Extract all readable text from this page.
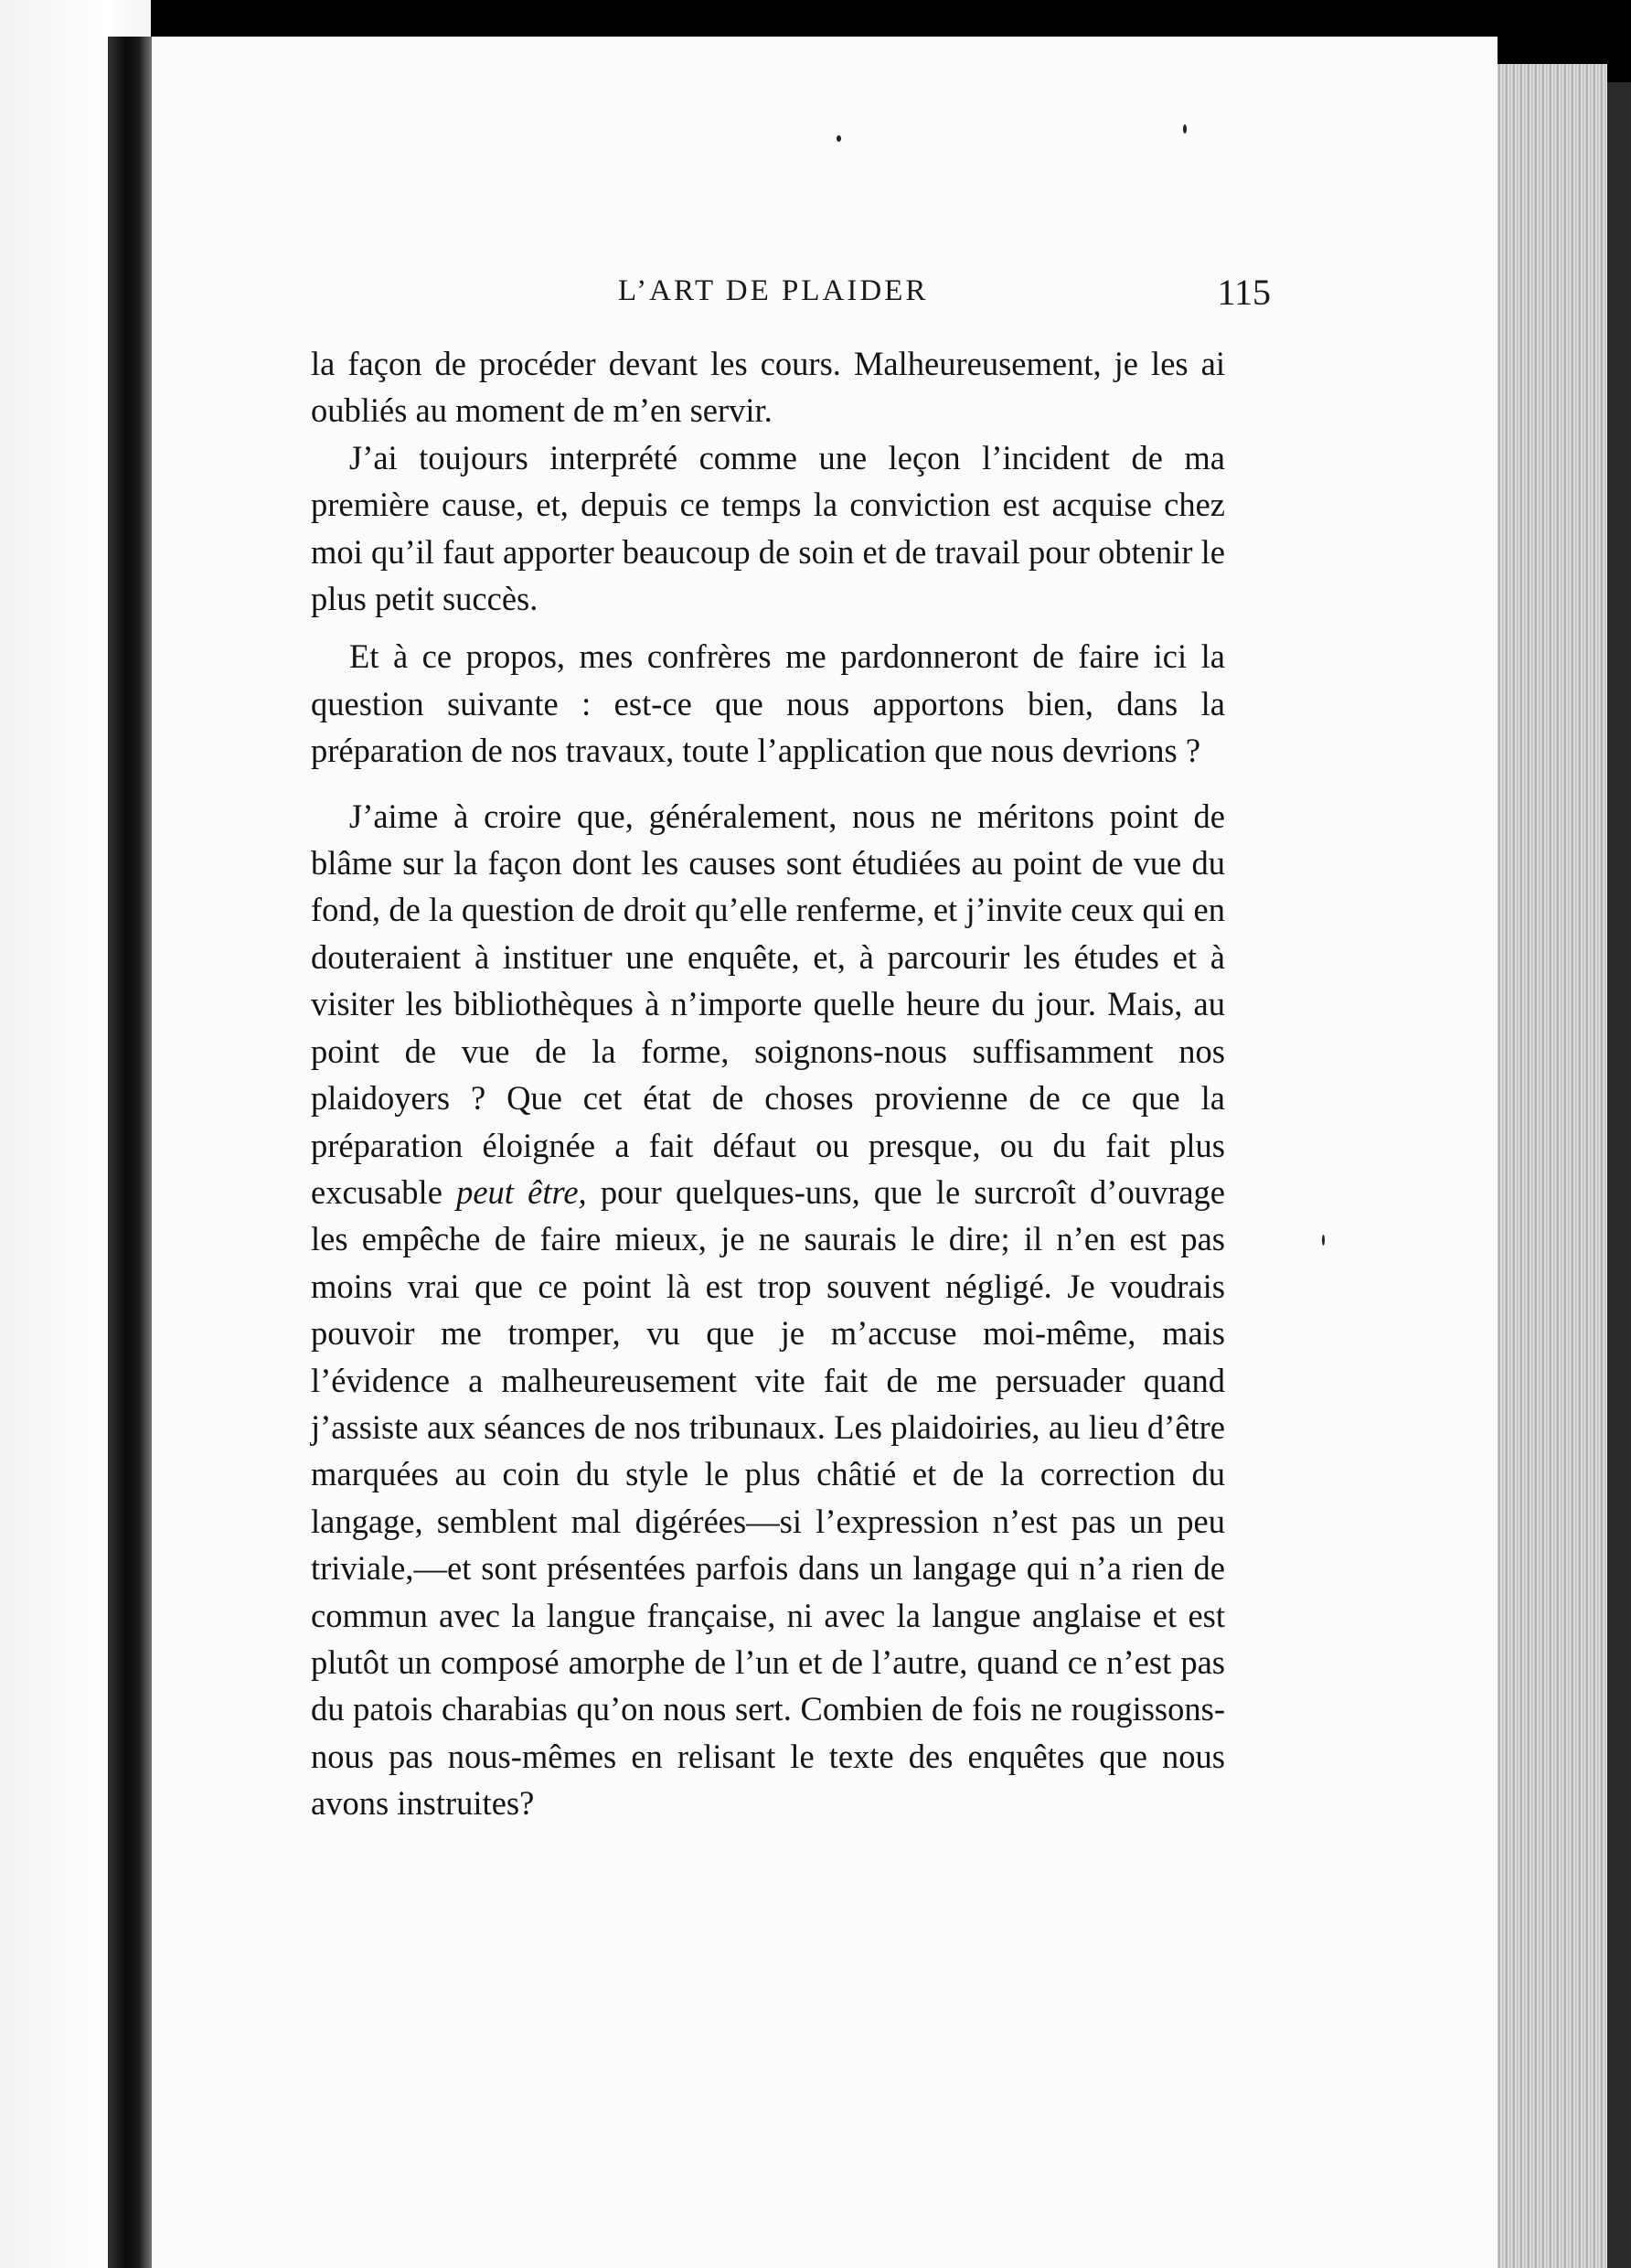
L’ART DE PLAIDER	115

la façon de procéder devant les cours. Malheureusement, je les ai oubliés au moment de m’en servir.

J’ai toujours interprété comme une leçon l’incident de ma première cause, et, depuis ce temps la conviction est acquise chez moi qu’il faut apporter beaucoup de soin et de travail pour obtenir le plus petit succès.

Et à ce propos, mes confrères me pardonneront de faire ici la question suivante : est-ce que nous apportons bien, dans la préparation de nos travaux, toute l’application que nous devrions ?

J’aime à croire que, généralement, nous ne méritons point de blâme sur la façon dont les causes sont étudiées au point de vue du fond, de la question de droit qu’elle renferme, et j’invite ceux qui en douteraient à instituer une enquête, et, à parcourir les études et à visiter les bibliothèques à n’importe quelle heure du jour. Mais, au point de vue de la forme, soignons-nous suffisamment nos plaidoyers ? Que cet état de choses provienne de ce que la préparation éloignée a fait défaut ou presque, ou du fait plus excusable peut être, pour quelques-uns, que le surcroît d’ouvrage les empêche de faire mieux, je ne saurais le dire; il n’en est pas moins vrai que ce point là est trop souvent négligé. Je voudrais pouvoir me tromper, vu que je m’accuse moi-même, mais l’évidence a malheureusement vite fait de me persuader quand j’assiste aux séances de nos tribunaux. Les plaidoiries, au lieu d’être marquées au coin du style le plus châtié et de la correction du langage, semblent mal digérées—si l’expression n’est pas un peu triviale,—et sont présentées parfois dans un langage qui n’a rien de commun avec la langue française, ni avec la langue anglaise et est plutôt un composé amorphe de l’un et de l’autre, quand ce n’est pas du patois charabias qu’on nous sert. Combien de fois ne rougissons-nous pas nous-mêmes en relisant le texte des enquêtes que nous avons instruites?
